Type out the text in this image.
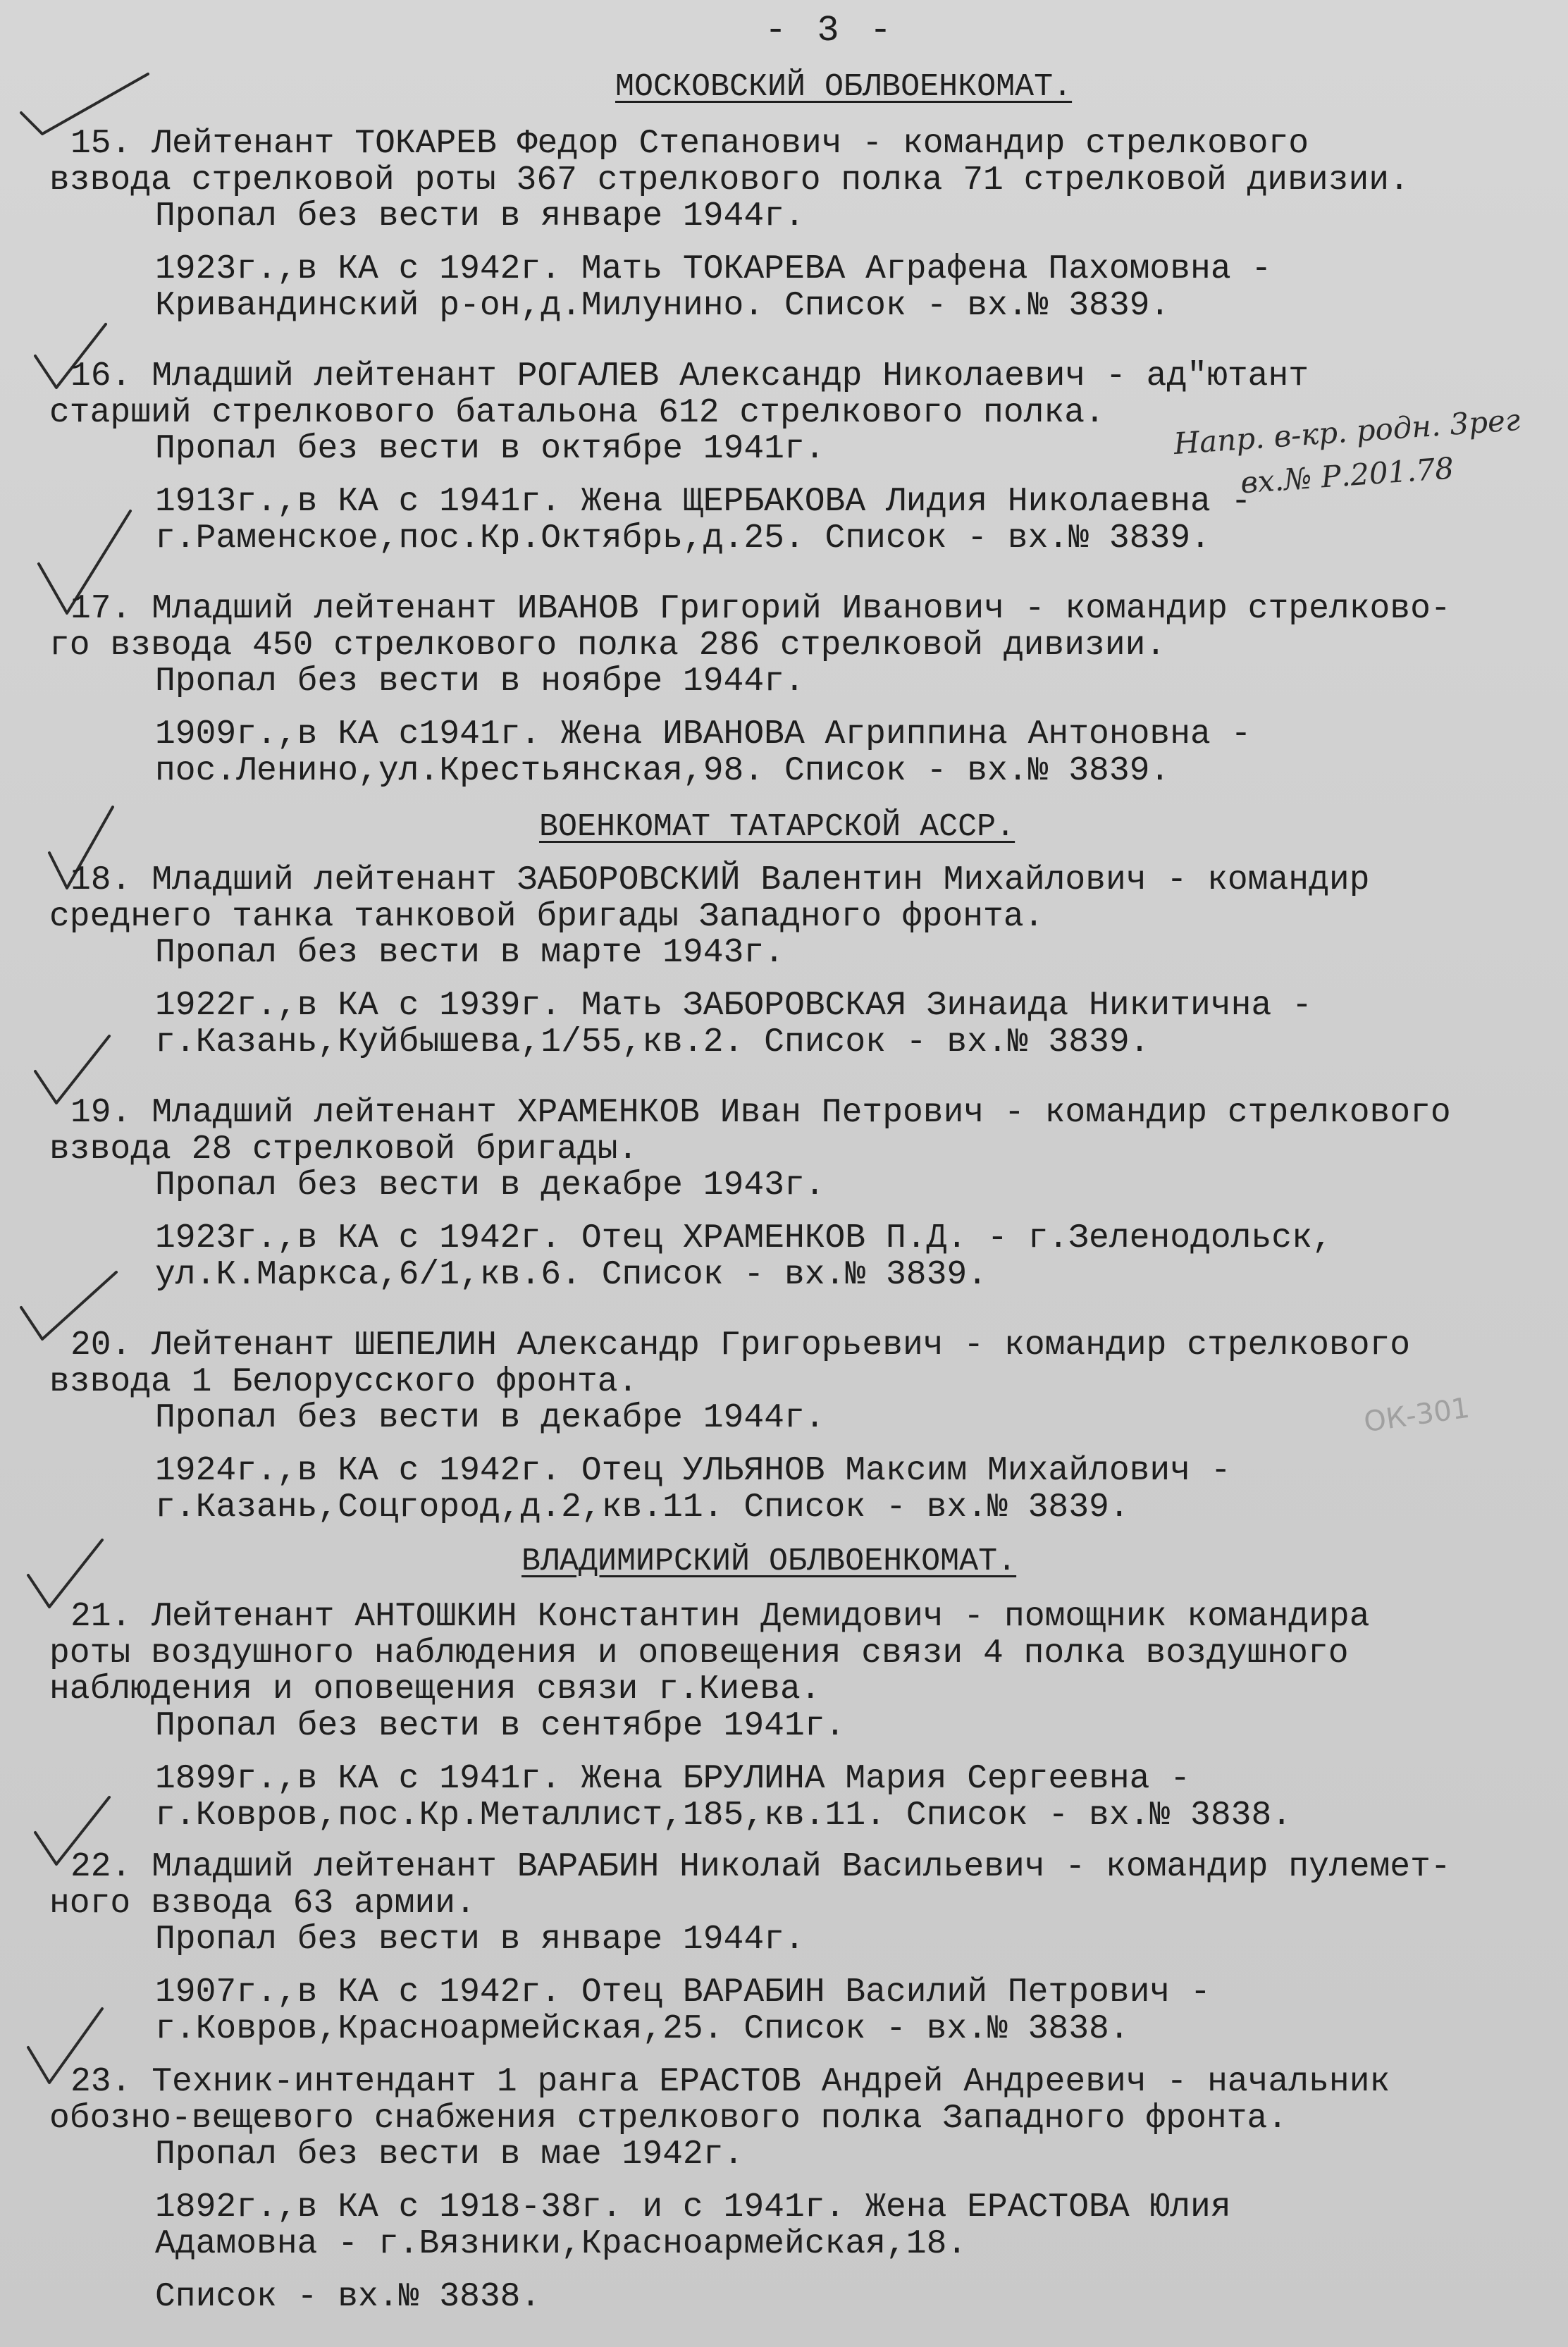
- 3 -
МОСКОВСКИЙ ОБЛВОЕНКОМАТ.
15. Лейтенант ТОКАРЕВ Федор Степанович - командир стрелкового
взвода стрелковой роты 367 стрелкового полка 71 стрелковой дивизии.
Пропал без вести в январе 1944г.
1923г.,в КА с 1942г. Мать ТОКАРЕВА Аграфена Пахомовна -
Кривандинский р-он,д.Милунино. Список - вх.№ 3839.
16. Младший лейтенант РОГАЛЕВ Александр Николаевич - ад"ютант
старший стрелкового батальона 612 стрелкового полка.
Пропал без вести в октябре 1941г.
1913г.,в КА с 1941г. Жена ЩЕРБАКОВА Лидия Николаевна -
г.Раменское,пос.Кр.Октябрь,д.25. Список - вх.№ 3839.
Напр. в-кр. родн. 3рег
вх.№ Р.201.78
17. Младший лейтенант ИВАНОВ Григорий Иванович - командир стрелково-
го взвода 450 стрелкового полка 286 стрелковой дивизии.
Пропал без вести в ноябре 1944г.
1909г.,в КА с1941г. Жена ИВАНОВА Агриппина Антоновна -
пос.Ленино,ул.Крестьянская,98. Список - вх.№ 3839.
ВОЕНКОМАТ ТАТАРСКОЙ АССР.
18. Младший лейтенант ЗАБОРОВСКИЙ Валентин Михайлович - командир
среднего танка танковой бригады Западного фронта.
Пропал без вести в марте 1943г.
1922г.,в КА с 1939г. Мать ЗАБОРОВСКАЯ Зинаида Никитична -
г.Казань,Куйбышева,1/55,кв.2. Список - вх.№ 3839.
19. Младший лейтенант ХРАМЕНКОВ Иван Петрович - командир стрелкового
взвода 28 стрелковой бригады.
Пропал без вести в декабре 1943г.
1923г.,в КА с 1942г. Отец ХРАМЕНКОВ П.Д. - г.Зеленодольск,
ул.К.Маркса,6/1,кв.6. Список - вх.№ 3839.
20. Лейтенант ШЕПЕЛИН Александр Григорьевич - командир стрелкового
взвода 1 Белорусского фронта.
Пропал без вести в декабре 1944г.
1924г.,в КА с 1942г. Отец УЛЬЯНОВ Максим Михайлович -
г.Казань,Соцгород,д.2,кв.11. Список - вх.№ 3839.
ОК-301
ВЛАДИМИРСКИЙ ОБЛВОЕНКОМАТ.
21. Лейтенант АНТОШКИН Константин Демидович - помощник командира
роты воздушного наблюдения и оповещения связи 4 полка воздушного
наблюдения и оповещения связи г.Киева.
Пропал без вести в сентябре 1941г.
1899г.,в КА с 1941г. Жена БРУЛИНА Мария Сергеевна -
г.Ковров,пос.Кр.Металлист,185,кв.11. Список - вх.№ 3838.
22. Младший лейтенант ВАРАБИН Николай Васильевич - командир пулемет-
ного взвода 63 армии.
Пропал без вести в январе 1944г.
1907г.,в КА с 1942г. Отец ВАРАБИН Василий Петрович -
г.Ковров,Красноармейская,25. Список - вх.№ 3838.
23. Техник-интендант 1 ранга ЕРАСТОВ Андрей Андреевич - начальник
обозно-вещевого снабжения стрелкового полка Западного фронта.
Пропал без вести в мае 1942г.
1892г.,в КА с 1918-38г. и с 1941г. Жена ЕРАСТОВА Юлия
Адамовна - г.Вязники,Красноармейская,18.
Список - вх.№ 3838.
